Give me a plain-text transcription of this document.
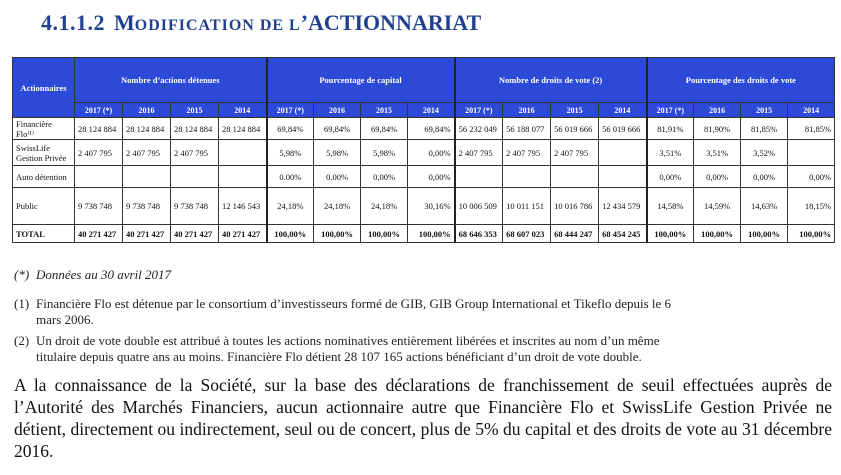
4.1.1.2 MODIFICATION DE L’ACTIONNARIAT
Actionnaires	Nombre d’actions détenues				Pourcentage de capital				Nombre de droits de vote (2)				Pourcentage des droits de vote			
	2017 (*)	2016	2015	2014	2017 (*)	2016	2015	2014	2017 (*)	2016	2015	2014	2017 (*)	2016	2015	2014
Financière Flo⁽¹⁾	28 124 884	28 124 884	28 124 884	28 124 884	69,84%	69,84%	69,84%	69,84%	56 232 049	56 188 077	56 019 666	56 019 666	81,91%	81,90%	81,85%	81,85%
SwissLife Gestion Privée	2 407 795	2 407 795	2 407 795		5,98%	5,98%	5,98%	0,00%	2 407 795	2 407 795	2 407 795		3,51%	3,51%	3,52%	
Auto détention					0.00%	0.00%	0,00%	0,00%					0,00%	0,00%	0,00%	0,00%
Public	9 738 748	9 738 748	9 738 748	12 146 543	24,18%	24,18%	24,18%	30,16%	10 006 509	10 011 151	10 016 786	12 434 579	14,58%	14,59%	14,63%	18,15%
TOTAL	40 271 427	40 271 427	40 271 427	40 271 427	100,00%	100,00%	100,00%	100,00%	68 646 353	68 607 023	68 444 247	68 454 245	100,00%	100,00%	100,00%	100,00%
(*) Données au 30 avril 2017
(1) Financière Flo est détenue par le consortium d’investisseurs formé de GIB, GIB Group International et Tikeflo depuis le 6
mars 2006.
(2) Un droit de vote double est attribué à toutes les actions nominatives entièrement libérées et inscrites au nom d’un même
titulaire depuis quatre ans au moins. Financière Flo détient 28 107 165 actions bénéficiant d’un droit de vote double.
A la connaissance de la Société, sur la base des déclarations de franchissement de seuil effectuées auprès de l’Autorité des Marchés Financiers, aucun actionnaire autre que Financière Flo et SwissLife Gestion Privée ne détient, directement ou indirectement, seul ou de concert, plus de 5% du capital et des droits de vote au 31 décembre 2016.
